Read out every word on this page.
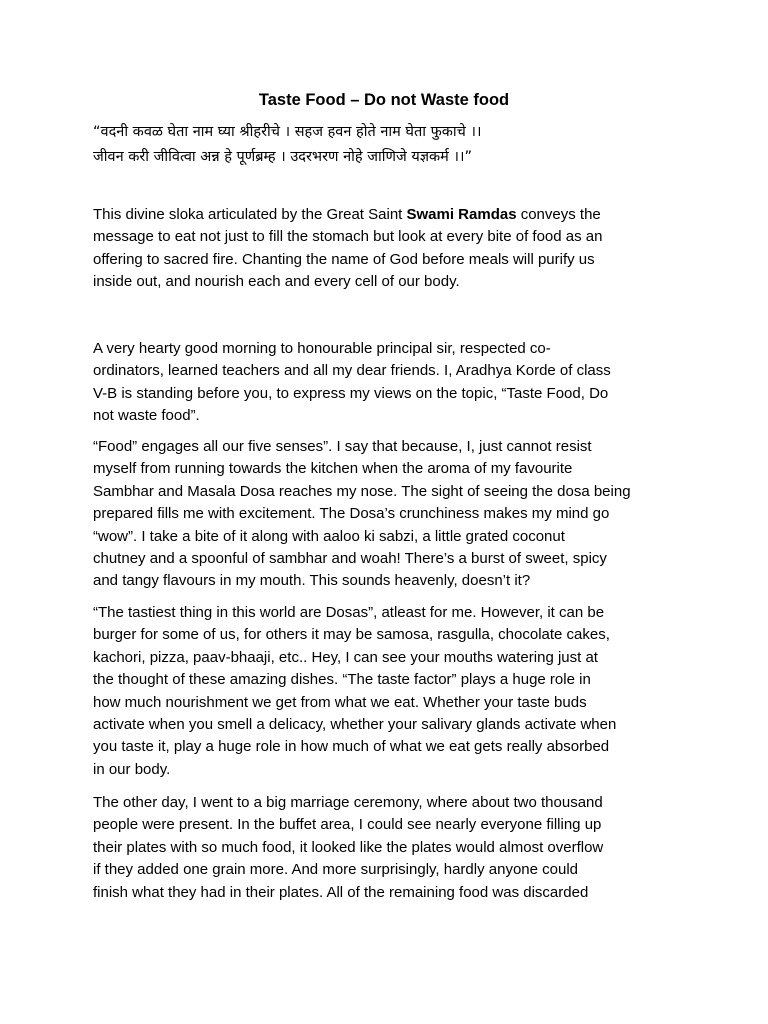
Taste Food – Do not Waste food
“वदनी कवळ घेता नाम घ्या श्रीहरीचे । सहज हवन होते नाम घेता फुकाचे ।।
जीवन करी जीवित्वा अन्न हे पूर्णब्रम्ह । उदरभरण नोहे जाणिजे यज्ञकर्म ।।”
This divine sloka articulated by the Great Saint Swami Ramdas conveys the
message to eat not just to fill the stomach but look at every bite of food as an
offering to sacred fire. Chanting the name of God before meals will purify us
inside out, and nourish each and every cell of our body.
A very hearty good morning to honourable principal sir, respected co-
ordinators, learned teachers and all my dear friends. I, Aradhya Korde of class
V-B is standing before you, to express my views on the topic, “Taste Food, Do
not waste food”.
“Food” engages all our five senses”. I say that because, I, just cannot resist
myself from running towards the kitchen when the aroma of my favourite
Sambhar and Masala Dosa reaches my nose. The sight of seeing the dosa being
prepared fills me with excitement. The Dosa’s crunchiness makes my mind go
“wow”. I take a bite of it along with aaloo ki sabzi, a little grated coconut
chutney and a spoonful of sambhar and woah! There’s a burst of sweet, spicy
and tangy flavours in my mouth. This sounds heavenly, doesn’t it?
“The tastiest thing in this world are Dosas”, atleast for me. However, it can be
burger for some of us, for others it may be samosa, rasgulla, chocolate cakes,
kachori, pizza, paav-bhaaji, etc.. Hey, I can see your mouths watering just at
the thought of these amazing dishes. “The taste factor” plays a huge role in
how much nourishment we get from what we eat. Whether your taste buds
activate when you smell a delicacy, whether your salivary glands activate when
you taste it, play a huge role in how much of what we eat gets really absorbed
in our body.
The other day, I went to a big marriage ceremony, where about two thousand
people were present. In the buffet area, I could see nearly everyone filling up
their plates with so much food, it looked like the plates would almost overflow
if they added one grain more. And more surprisingly, hardly anyone could
finish what they had in their plates. All of the remaining food was discarded
